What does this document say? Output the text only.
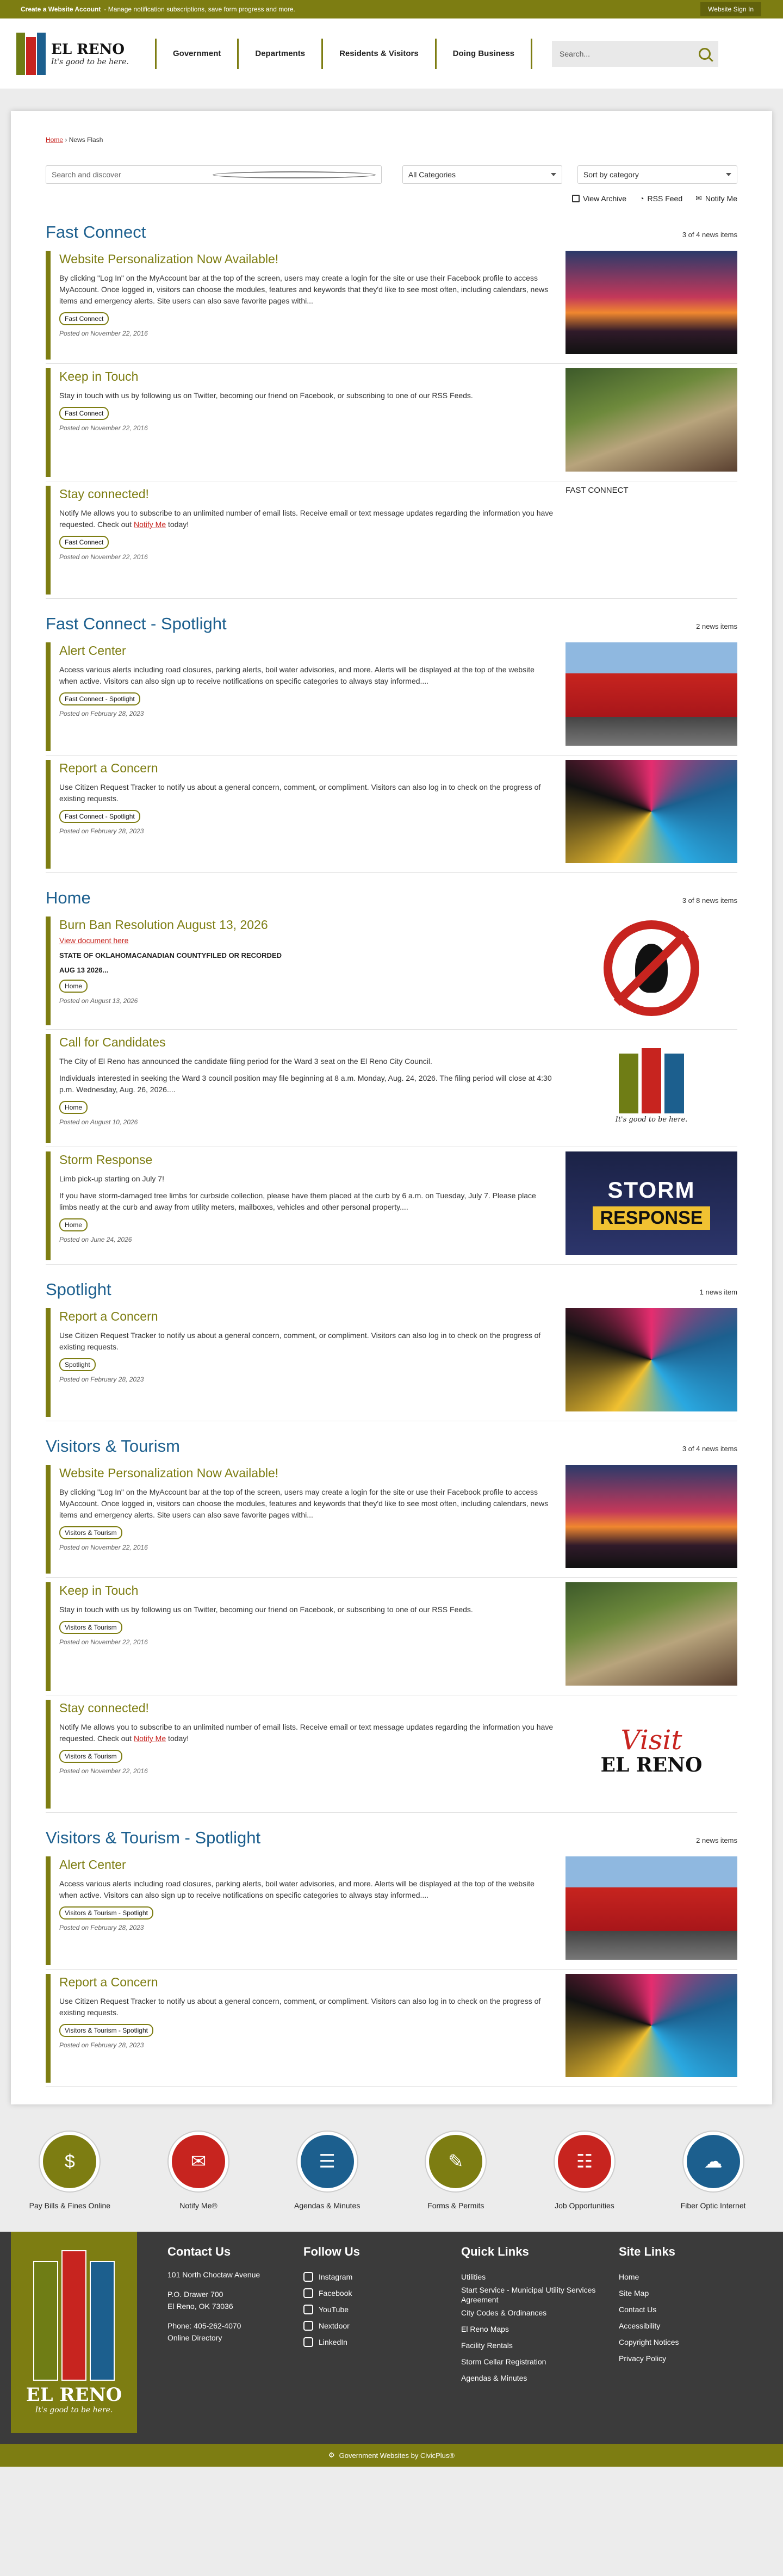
Create a Website Account - Manage notification subscriptions, save form progress and more.	Website Sign In
EL RENO
It's good to be here.
Government	Departments	Residents & Visitors	Doing Business	Search...
Home › News Flash
Search and discover	All Categories	Sort by category
View Archive ◔ RSS Feed ✉ Notify Me
Fast Connect	3 of 4 news items
Website Personalization Now Available!
By clicking "Log In" on the MyAccount bar at the top of the screen, users may create a login for the site or use their Facebook profile to access MyAccount. Once logged in, visitors can choose the modules, features and keywords that they'd like to see most often, including calendars, news items and emergency alerts. Site users can also save favorite pages withi...
Fast Connect
Posted on November 22, 2016
Keep in Touch
Stay in touch with us by following us on Twitter, becoming our friend on Facebook, or subscribing to one of our RSS Feeds.
Fast Connect
Posted on November 22, 2016
Stay connected!
Notify Me allows you to subscribe to an unlimited number of email lists. Receive email or text message updates regarding the information you have requested. Check out Notify Me today!
Fast Connect
Posted on November 22, 2016
FAST CONNECT
Fast Connect - Spotlight	2 news items
Alert Center
Access various alerts including road closures, parking alerts, boil water advisories, and more. Alerts will be displayed at the top of the website when active. Visitors can also sign up to receive notifications on specific categories to always stay informed....
Fast Connect - Spotlight
Posted on February 28, 2023
Report a Concern
Use Citizen Request Tracker to notify us about a general concern, comment, or compliment. Visitors can also log in to check on the progress of existing requests.
Fast Connect - Spotlight
Posted on February 28, 2023
Home	3 of 8 news items
Burn Ban Resolution August 13, 2026
View document here
STATE OF OKLAHOMACANADIAN COUNTYFILED OR RECORDED
AUG 13 2026...
Home
Posted on August 13, 2026
Call for Candidates
The City of El Reno has announced the candidate filing period for the Ward 3 seat on the El Reno City Council.
Individuals interested in seeking the Ward 3 council position may file beginning at 8 a.m. Monday, Aug. 24, 2026. The filing period will close at 4:30 p.m. Wednesday, Aug. 26, 2026....
Home
Posted on August 10, 2026	It's good to be here.
Storm Response
Limb pick-up starting on July 7!
If you have storm-damaged tree limbs for curbside collection, please have them placed at the curb by 6 a.m. on Tuesday, July 7. Please place limbs neatly at the curb and away from utility meters, mailboxes, vehicles and other personal property....
Home
Posted on June 24, 2026
STORM
RESPONSE
Spotlight	1 news item
Report a Concern
Use Citizen Request Tracker to notify us about a general concern, comment, or compliment. Visitors can also log in to check on the progress of existing requests.
Spotlight
Posted on February 28, 2023
Visitors & Tourism	3 of 4 news items
Website Personalization Now Available!
By clicking "Log In" on the MyAccount bar at the top of the screen, users may create a login for the site or use their Facebook profile to access MyAccount. Once logged in, visitors can choose the modules, features and keywords that they'd like to see most often, including calendars, news items and emergency alerts. Site users can also save favorite pages withi...
Visitors & Tourism
Posted on November 22, 2016
Keep in Touch
Stay in touch with us by following us on Twitter, becoming our friend on Facebook, or subscribing to one of our RSS Feeds.
Visitors & Tourism
Posted on November 22, 2016
Stay connected!
Notify Me allows you to subscribe to an unlimited number of email lists. Receive email or text message updates regarding the information you have requested. Check out Notify Me today!
Visitors & Tourism
Posted on November 22, 2016
Visit
EL RENO
Visitors & Tourism - Spotlight	2 news items
Alert Center
Access various alerts including road closures, parking alerts, boil water advisories, and more. Alerts will be displayed at the top of the website when active. Visitors can also sign up to receive notifications on specific categories to always stay informed....
Visitors & Tourism - Spotlight
Posted on February 28, 2023
Report a Concern
Use Citizen Request Tracker to notify us about a general concern, comment, or compliment. Visitors can also log in to check on the progress of existing requests.
Visitors & Tourism - Spotlight
Posted on February 28, 2023
$
Pay Bills & Fines Online
✉
Notify Me®
☰
Agendas & Minutes
✎
Forms & Permits
☷
Job Opportunities
☁
Fiber Optic Internet
EL RENO
It's good to be here.
Contact Us

101 North Choctaw Avenue

P.O. Drawer 700

El Reno, OK 73036

Phone: 405-262-4070

Online Directory

Follow Us
Instagram
Facebook
YouTube
Nextdoor
LinkedIn
Quick Links
Utilities
Start Service - Municipal Utility Services Agreement
City Codes & Ordinances
El Reno Maps
Facility Rentals
Storm Cellar Registration
Agendas & Minutes
Site Links
Home
Site Map
Contact Us
Accessibility
Copyright Notices
Privacy Policy
⚙ Government Websites by CivicPlus®
